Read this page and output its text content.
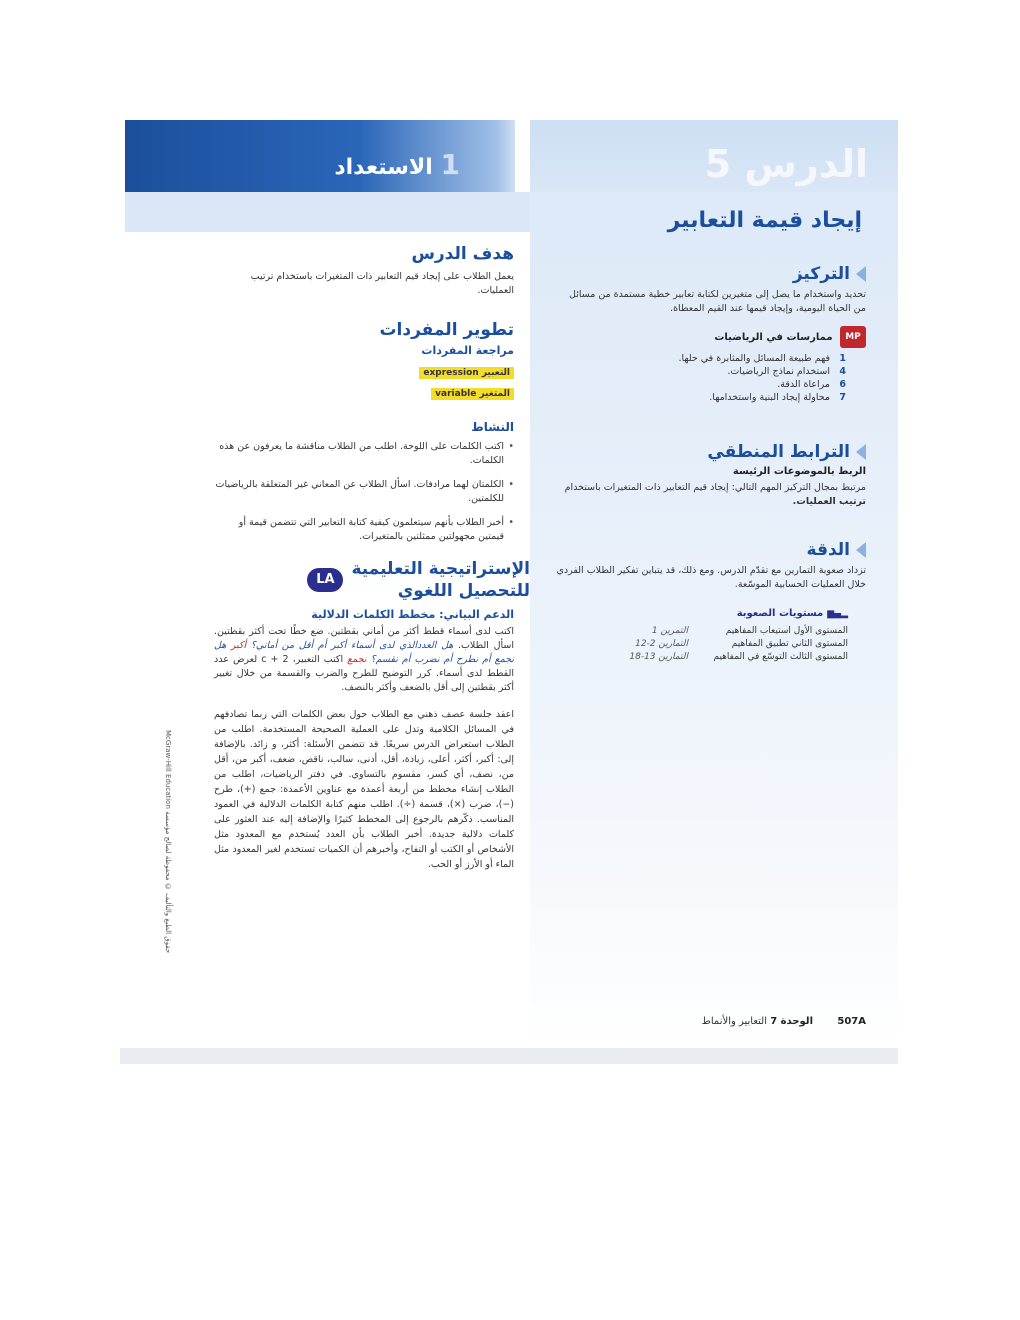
الدرس 5
1 الاستعداد
إيجاد قيمة التعابير
التركيز

تحديد واستخدام ما يصل إلى متغيرين لكتابة تعابير خطية مستمدة من مسائل من الحياة اليومية، وإيجاد قيمها عند القيم المعطاة.

MP ممارسات في الرياضيات
1فهم طبيعة المسائل والمثابرة في حلها.
4استخدام نماذج الرياضيات.
6مراعاة الدقة.
7محاولة إيجاد البنية واستخدامها.
الترابط المنطقي
الربط بالموضوعات الرئيسة

مرتبط بمجال التركيز المهم التالي: إيجاد قيم التعابير ذات المتغيرات باستخدام ترتيب العمليات.

الدقة

تزداد صعوبة التمارين مع تقدّم الدرس. ومع ذلك، قد يتباين تفكير الطلاب الفردي خلال العمليات الحسابية الموسّعة.

▂▄▆مستويات الصعوبة
المستوى الأول استيعاب المفاهيم
التمرين 1
المستوى الثاني تطبيق المفاهيم
التمارين 2-12
المستوى الثالث التوسّع في المفاهيم
التمارين 13-18
هدف الدرس

يعمل الطلاب على إيجاد قيم التعابير ذات المتغيرات باستخدام ترتيب العمليات.

تطوير المفردات
مراجعة المفردات
التعبير expression
المتغير variable
النشاط
• اكتب الكلمات على اللوحة. اطلب من الطلاب مناقشة ما يعرفون عن هذه الكلمات.
• الكلمتان لهما مرادفات. اسأل الطلاب عن المعاني غير المتعلقة بالرياضيات للكلمتين.
• أخبر الطلاب بأنهم سيتعلمون كيفية كتابة التعابير التي تتضمن قيمة أو قيمتين مجهولتين ممثلتين بالمتغيرات.
الإستراتيجية التعليمية
للتحصيل اللغوي
LA
الدعم البياني: مخطط الكلمات الدلالية

اكتب لدى أسماء قطط أكثر من أماني بقطتين. ضع خطًا تحت أكثر بقطتين. اسأل الطلاب. هل العددالذي لدى أسماء أكبر أم أقل من أماني؟ أكبر هل نجمع أم نطرح أم نضرب أم نقسم؟ نجمع اكتب التعبير، 2 + c لعرض عدد القطط لدى أسماء. كرر التوضيح للطرح والضرب والقسمة من خلال تغيير أكثر بقطتين إلى أقل بالضعف وأكثر بالنصف.

اعقد جلسة عصف ذهني مع الطلاب حول بعض الكلمات التي ربما تصادفهم في المسائل الكلامية وتدل على العملية الصحيحة المستخدمة. اطلب من الطلاب استعراض الدرس سريعًا. قد تتضمن الأسئلة: أكثر، و زائد. بالإضافة إلى: أكبر، أكثر، أعلى، زيادة، أقل، أدنى، سالب، ناقص، ضعف، أكبر من، أقل من، نصف، أي كسر، مقسوم بالتساوي. في دفتر الرياضيات، اطلب من الطلاب إنشاء مخطط من أربعة أعمدة مع عناوين الأعمدة: جمع (+)، طرح (−)، ضرب (×)، قسمة (÷). اطلب منهم كتابة الكلمات الدلالية في العمود المناسب. ذكّرهم بالرجوع إلى المخطط كثيرًا والإضافة إليه عند العثور على كلمات دلالية جديدة. أخبر الطلاب بأن العدد يُستخدم مع المعدود مثل الأشخاص أو الكتب أو التفاح، وأخبرهم أن الكميات تستخدم لغير المعدود مثل الماء أو الأرز أو الحب.

حقوق الطبع والتأليف © محفوظة لصالح مؤسسة McGraw-Hill Education
507A  الوحدة 7 التعابير والأنماط
